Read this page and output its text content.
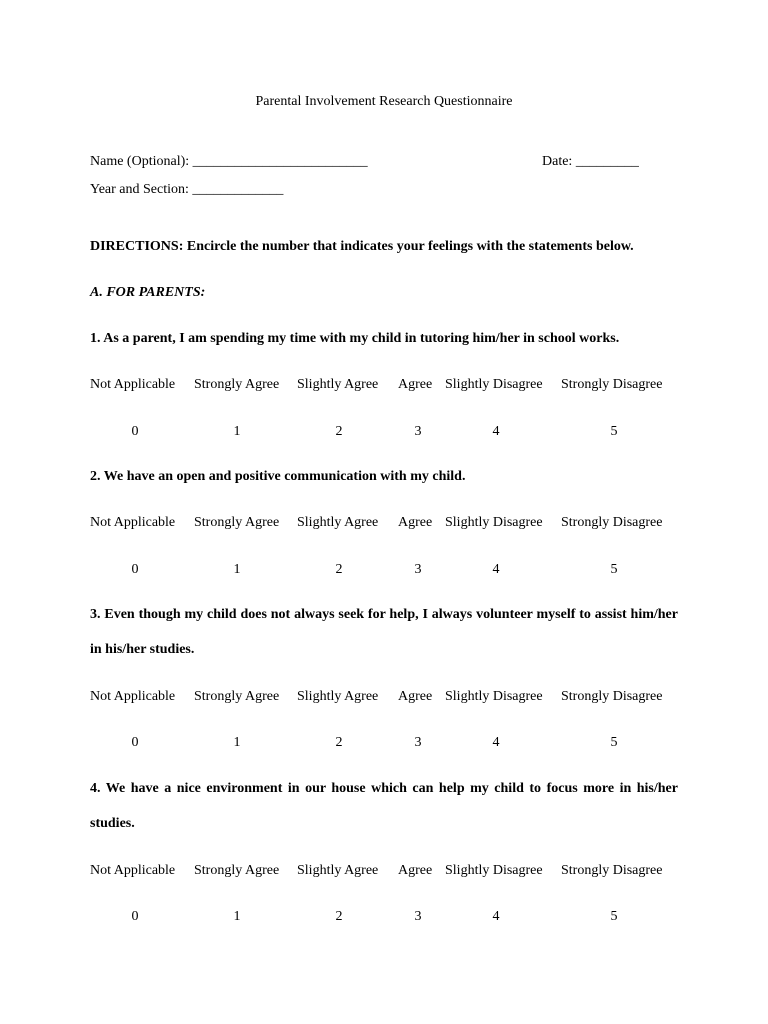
Parental Involvement Research Questionnaire
Name (Optional): _________________________	Date: _________
Year and Section: _____________
DIRECTIONS: Encircle the number that indicates your feelings with the statements below.
A. FOR PARENTS:
1. As a parent, I am spending my time with my child in tutoring him/her in school works.
2. We have an open and positive communication with my child.
3. Even though my child does not always seek for help, I always volunteer myself to assist him/her in his/her studies.
4. We have a nice environment in our house which can help my child to focus more in his/her studies.
Not Applicable Strongly Agree Slightly Agree Agree Slightly Disagree Strongly Disagree
0	1	2	3	4	5
Not Applicable Strongly Agree Slightly Agree Agree Slightly Disagree Strongly Disagree
0	1	2	3	4	5
Not Applicable Strongly Agree Slightly Agree Agree Slightly Disagree Strongly Disagree
0	1	2	3	4	5
Not Applicable Strongly Agree Slightly Agree Agree Slightly Disagree Strongly Disagree
0	1	2	3	4	5
